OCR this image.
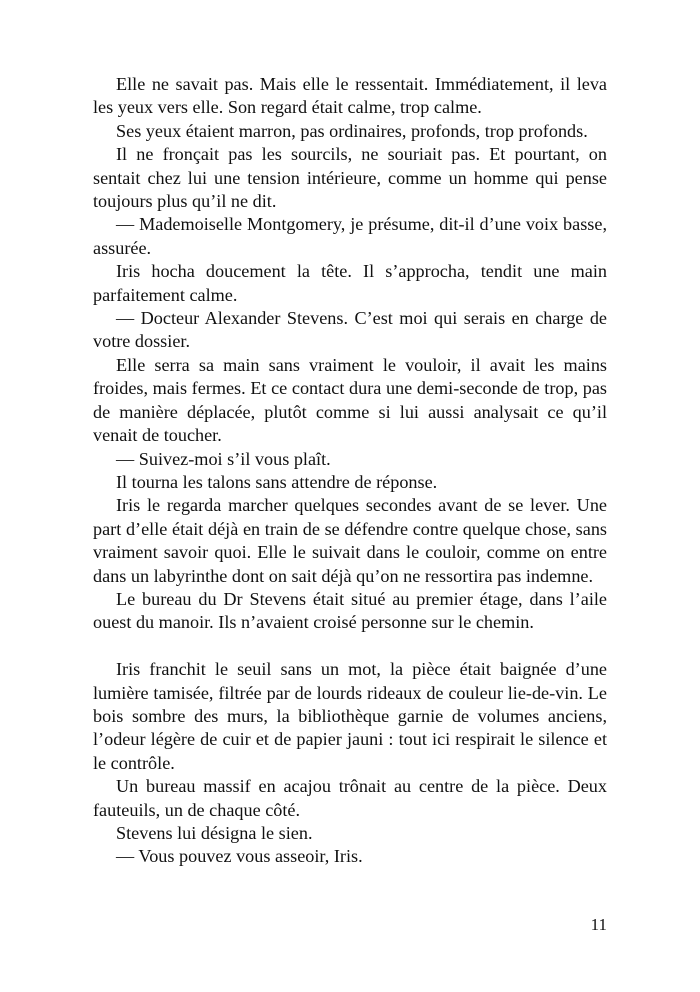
Elle ne savait pas. Mais elle le ressentait. Immédiatement, il leva les yeux vers elle. Son regard était calme, trop calme.

Ses yeux étaient marron, pas ordinaires, profonds, trop profonds.

Il ne fronçait pas les sourcils, ne souriait pas. Et pourtant, on sentait chez lui une tension intérieure, comme un homme qui pense toujours plus qu’il ne dit.

— Mademoiselle Montgomery, je présume, dit-il d’une voix basse, assurée.

Iris hocha doucement la tête. Il s’approcha, tendit une main parfaitement calme.

— Docteur Alexander Stevens. C’est moi qui serais en charge de votre dossier.

Elle serra sa main sans vraiment le vouloir, il avait les mains froides, mais fermes. Et ce contact dura une demi-seconde de trop, pas de manière déplacée, plutôt comme si lui aussi analysait ce qu’il venait de toucher.

— Suivez-moi s’il vous plaît.

Il tourna les talons sans attendre de réponse.

Iris le regarda marcher quelques secondes avant de se lever. Une part d’elle était déjà en train de se défendre contre quelque chose, sans vraiment savoir quoi. Elle le suivait dans le couloir, comme on entre dans un labyrinthe dont on sait déjà qu’on ne ressortira pas indemne.

Le bureau du Dr Stevens était situé au premier étage, dans l’aile ouest du manoir. Ils n’avaient croisé personne sur le chemin.

Iris franchit le seuil sans un mot, la pièce était baignée d’une lumière tamisée, filtrée par de lourds rideaux de couleur lie-de-vin. Le bois sombre des murs, la bibliothèque garnie de volumes anciens, l’odeur légère de cuir et de papier jauni : tout ici respirait le silence et le contrôle.

Un bureau massif en acajou trônait au centre de la pièce. Deux fauteuils, un de chaque côté.

Stevens lui désigna le sien.

— Vous pouvez vous asseoir, Iris.

11
